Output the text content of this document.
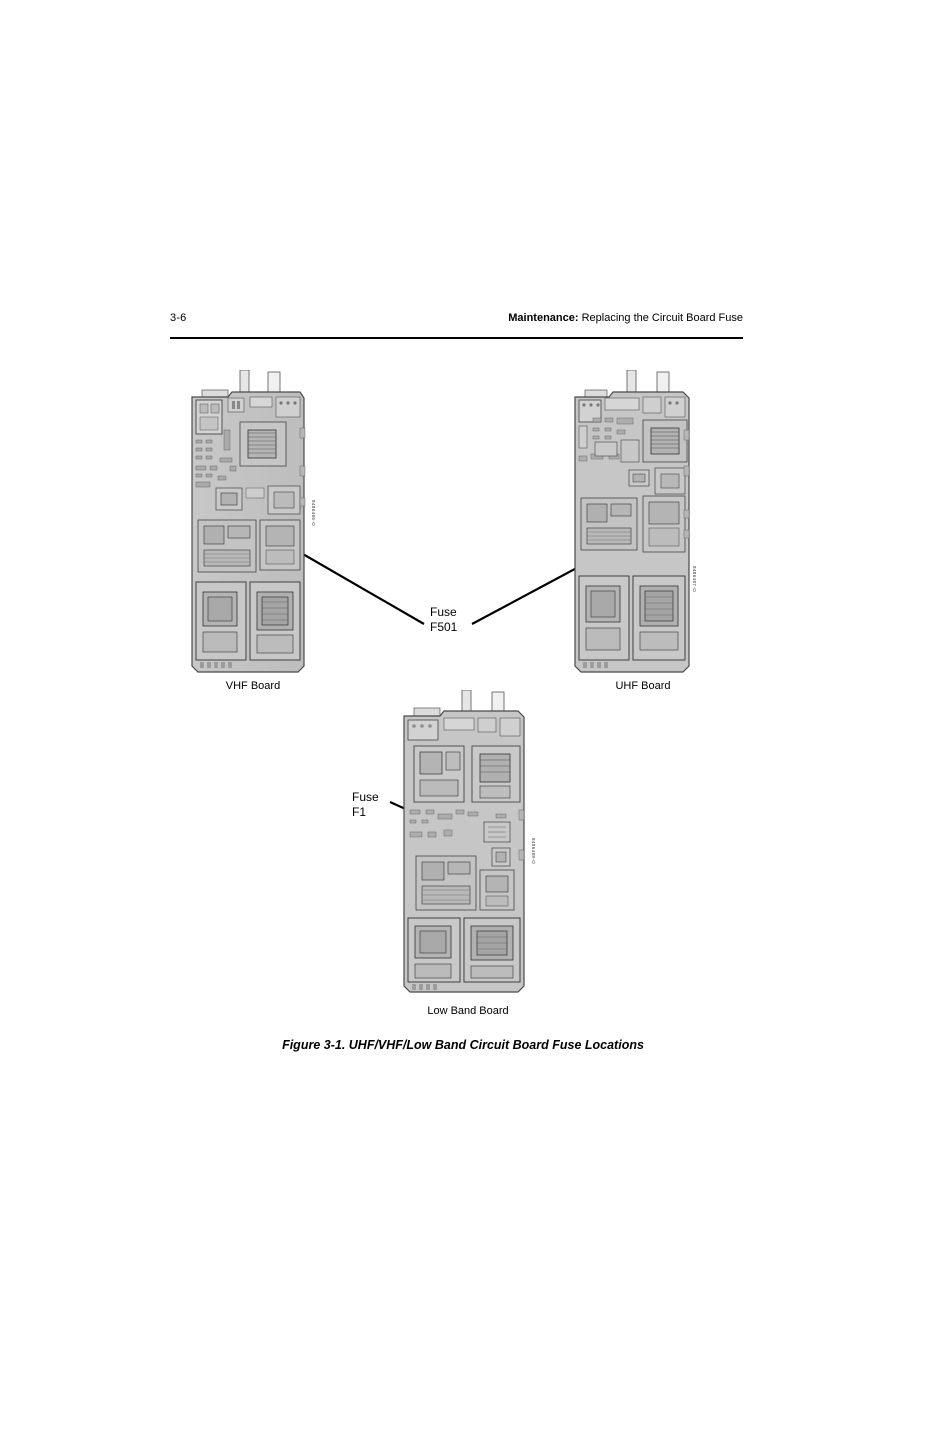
3-6	Maintenance: Replacing the Circuit Board Fuse
8486486-O
VHF Board
8486487-O
UHF Board
8486488-O
Low Band Board
Fuse
F501
Fuse
F1
Figure 3-1. UHF/VHF/Low Band Circuit Board Fuse Locations
